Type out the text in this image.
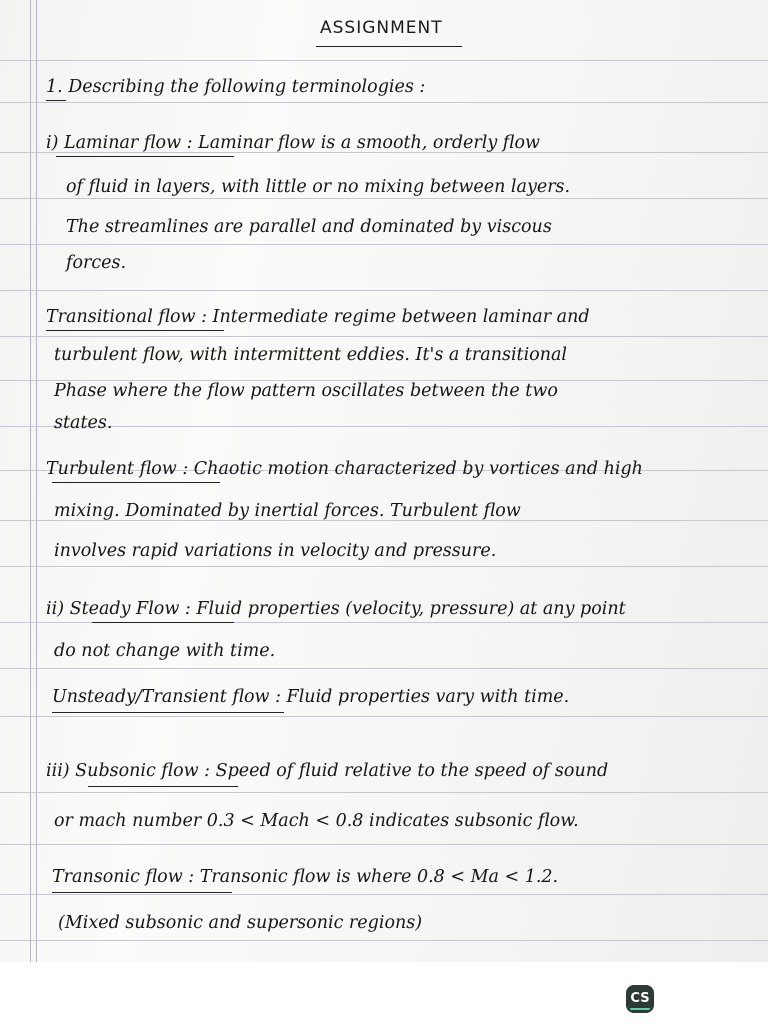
ASSIGNMENT
1. Describing the following terminologies :
i) Laminar flow : Laminar flow is a smooth, orderly flow
of fluid in layers, with little or no mixing between layers.
The streamlines are parallel and dominated by viscous
forces.
Transitional flow : Intermediate regime between laminar and
turbulent flow, with intermittent eddies. It's a transitional
Phase where the flow pattern oscillates between the two
states.
Turbulent flow : Chaotic motion characterized by vortices and high
mixing. Dominated by inertial forces. Turbulent flow
involves rapid variations in velocity and pressure.
ii) Steady Flow : Fluid properties (velocity, pressure) at any point
do not change with time.
Unsteady/Transient flow : Fluid properties vary with time.
iii) Subsonic flow : Speed of fluid relative to the speed of sound
or mach number 0.3 < Mach < 0.8 indicates subsonic flow.
Transonic flow : Transonic flow is where 0.8 < Ma < 1.2.
(Mixed subsonic and supersonic regions)
CS
